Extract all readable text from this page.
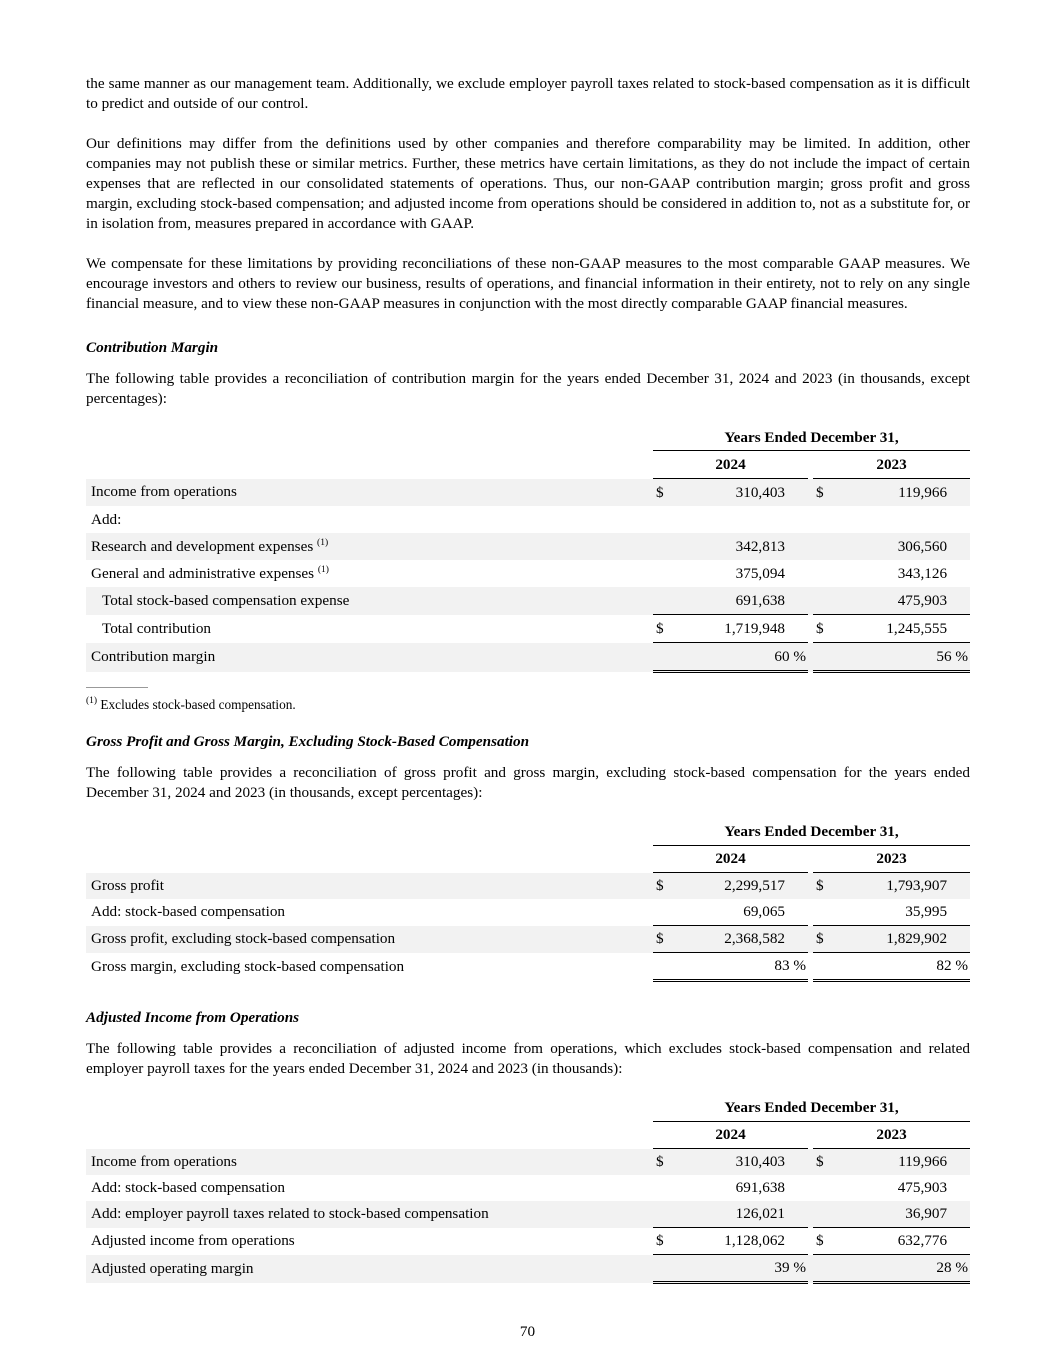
the same manner as our management team. Additionally, we exclude employer payroll taxes related to stock-based compensation as it is difficult to predict and outside of our control.

Our definitions may differ from the definitions used by other companies and therefore comparability may be limited. In addition, other companies may not publish these or similar metrics. Further, these metrics have certain limitations, as they do not include the impact of certain expenses that are reflected in our consolidated statements of operations. Thus, our non-GAAP contribution margin; gross profit and gross margin, excluding stock-based compensation; and adjusted income from operations should be considered in addition to, not as a substitute for, or in isolation from, measures prepared in accordance with GAAP.

We compensate for these limitations by providing reconciliations of these non-GAAP measures to the most comparable GAAP measures. We encourage investors and others to review our business, results of operations, and financial information in their entirety, not to rely on any single financial measure, and to view these non-GAAP measures in conjunction with the most directly comparable GAAP financial measures.

Contribution Margin

The following table provides a reconciliation of contribution margin for the years ended December 31, 2024 and 2023 (in thousands, except percentages):

	Years Ended December 31,				
	2024			2023	
Income from operations	$	310,403		$	119,966
Add:					
Research and development expenses $^{(1)}$		342,813			306,560
General and administrative expenses $^{(1)}$		375,094			343,126
Total stock-based compensation expense		691,638			475,903
Total contribution	$	1,719,948		$	1,245,555
Contribution margin		60 %			56 %

$^{(1)}$ Excludes stock-based compensation.

Gross Profit and Gross Margin, Excluding Stock-Based Compensation

The following table provides a reconciliation of gross profit and gross margin, excluding stock-based compensation for the years ended December 31, 2024 and 2023 (in thousands, except percentages):

	Years Ended December 31,				
	2024			2023	
Gross profit	$	2,299,517		$	1,793,907
Add: stock-based compensation		69,065			35,995
Gross profit, excluding stock-based compensation	$	2,368,582		$	1,829,902
Gross margin, excluding stock-based compensation		83 %			82 %
Adjusted Income from Operations

The following table provides a reconciliation of adjusted income from operations, which excludes stock-based compensation and related employer payroll taxes for the years ended December 31, 2024 and 2023 (in thousands):

	Years Ended December 31,				
	2024			2023	
Income from operations	$	310,403		$	119,966
Add: stock-based compensation		691,638			475,903
Add: employer payroll taxes related to stock-based compensation		126,021			36,907
Adjusted income from operations	$	1,128,062		$	632,776
Adjusted operating margin		39 %			28 %
70
